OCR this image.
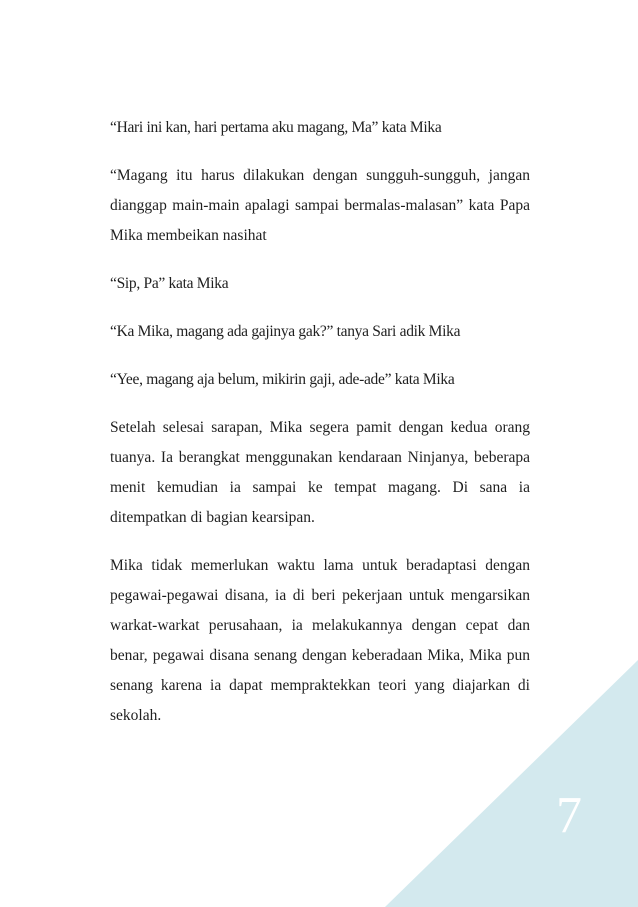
“Hari ini kan, hari pertama aku magang, Ma” kata Mika

“Magang itu harus dilakukan dengan sungguh-sungguh, jangan dianggap main-main apalagi sampai bermalas-malasan” kata Papa Mika membeikan nasihat

“Sip, Pa” kata Mika

“Ka Mika, magang ada gajinya gak?” tanya Sari adik Mika

“Yee, magang aja belum, mikirin gaji, ade-ade” kata Mika

Setelah selesai sarapan, Mika segera pamit dengan kedua orang tuanya. Ia berangkat menggunakan kendaraan Ninjanya, beberapa menit kemudian ia sampai ke tempat magang. Di sana ia ditempatkan di bagian kearsipan.

Mika tidak memerlukan waktu lama untuk beradaptasi dengan pegawai-pegawai disana, ia di beri pekerjaan untuk mengarsikan warkat-warkat perusahaan, ia melakukannya dengan cepat dan benar, pegawai disana senang dengan keberadaan Mika, Mika pun senang karena ia dapat mempraktekkan teori yang diajarkan di sekolah.

7
